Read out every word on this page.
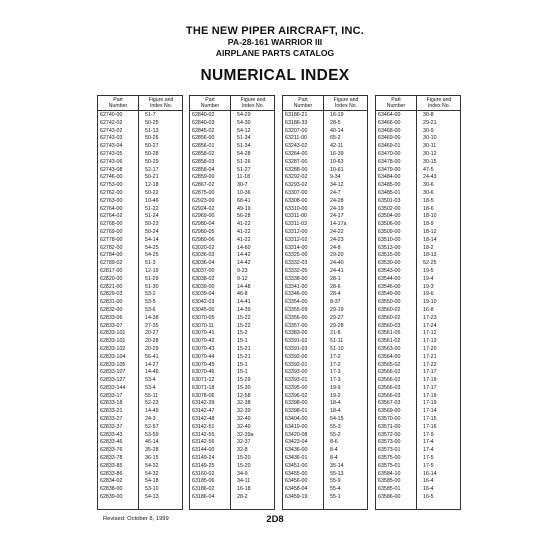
THE NEW PIPER AIRCRAFT, INC.
PA-28-161 WARRIOR III
AIRPLANE PARTS CATALOG
NUMERICAL INDEX
Part
Number
Figure and
Index No.
62740-00	51-7
62742-02	50-25
62743-02	51-13
62743-03	50-26
62743-04	50-27
62743-05	50-28
62743-06	50-29
62743-08	52-17
62746-00	50-21
62753-00	12-18
62762-00	50-22
62763-00	10-46
62764-00	51-22
62764-02	51-24
62768-00	50-23
62769-00	50-24
62778-00	54-14
62782-00	54-25
62784-00	54-25
62789-02	51-3
62817-00	12-19
62820-00	51-29
62821-00	51-30
62829-03	53-2
62831-00	53-5
62832-00	53-6
62833-06	14-38
62833-07	27-35
62833-101	20-27
62833-101	20-28
62833-102	20-29
62833-104	56-41
62833-105	14-27
62833-107	14-46
62833-127	53-4
62833-144	53-4
62833-17	55-11
62833-18	52-23
62833-21	14-49
62833-27	24-3
62833-37	52-57
62833-43	53-59
62833-46	46-14
62833-76	35-28
62833-78	36-15
62833-85	54-32
62833-86	54-32
62834-02	54-18
62838-00	53-10
62839-00	54-13
Part
Number
Figure and
Index No.
62840-02	54-29
62840-03	54-30
62845-02	54-12
62856-00	51-34
62856-01	51-34
62858-02	54-28
62858-03	51-26
62858-04	51-27
62859-00	11-18
62867-02	30-7
62875-00	10-36
62923-00	68-41
62924-02	49-19
62969-00	56-28
62980-04	41-22
62980-05	41-22
62980-06	41-22
63020-02	14-60
63036-03	14-42
63036-04	14-42
63037-00	9-23
63038-02	9-12
63039-00	14-48
63039-04	46-8
63042-03	14-41
63045-00	14-39
63070-05	15-22
63070-11	15-22
63070-41	15-2
63070-42	15-1
63070-43	15-21
63070-44	15-21
63070-45	15-1
63070-46	15-1
63071-12	15-29
63071-18	15-30
63078-06	12-58
63142-39	32-38
63142-47	32-39
63142-48	32-40
63142-51	32-40
63142-55	32-39a
63142-56	32-37
63144-00	32-8
63149-24	15-20
63149-25	15-20
63160-02	34-9
63185-06	34-11
63186-02	16-18
63186-04	28-2
Part
Number
Figure and
Index No.
63186-21	16-19
63186-33	28-5
63207-00	40-14
63211-00	65-2
63243-02	42-11
63264-00	16-39
63287-00	10-63
63288-00	10-61
63292-02	9-34
63293-02	34-12
63307-00	24-7
63308-00	24-28
63310-00	24-19
63311-00	24-17
63311-03	14-17a
63312-00	24-22
63312-02	24-23
63314-00	24-8
63325-00	29-20
63332-03	24-40
63332-05	24-41
63338-00	28-1
63341-00	28-6
63346-00	28-4
63354-00	8-37
63355-09	29-19
63356-00	29-27
63357-00	29-28
63383-00	21-8
63391-02	51-11
63391-03	51-10
63392-00	17-2
63392-01	17-2
63393-00	17-3
63393-01	17-3
63395-00	19-9
63396-02	19-2
63398-00	18-4
63398-01	18-4
63404-00	54-15
63419-00	55-3
63420-08	55-2
63423-04	8-6
63436-00	8-4
63436-01	8-4
63451-00	35-14
63455-00	55-13
63456-00	55-9
63458-04	55-4
63459-19	55-1
Part
Number
Figure and
Index No.
63464-00	30-8
63466-00	29-21
63468-00	30-9
63469-00	30-10
63469-01	30-11
63470-00	30-12
63478-00	30-15
63479-00	47-5
63484-00	24-43
63485-00	30-6
63485-01	30-6
63501-03	18-5
63502-00	18-6
63504-00	18-10
63506-00	18-9
63509-00	18-12
63510-00	18-14
63513-00	18-2
63515-00	18-13
63530-00	52-25
63543-00	19-5
63544-00	19-4
63546-00	19-3
63549-00	19-6
63550-00	19-10
63560-02	16-8
63560-02	17-23
63560-03	17-24
63561-05	17-12
63561-02	17-13
63563-00	17-20
63564-00	17-21
63565-02	17-22
63566-02	17-17
63566-02	17-18
63566-03	17-17
63566-03	17-18
63567-03	17-19
63569-00	17-14
63570-00	17-15
63571-00	17-16
63572-00	17-9
63573-00	17-4
63573-01	17-4
63575-00	17-5
63575-01	17-5
63584-10	16-14
63585-00	16-4
63585-01	16-4
63586-00	16-5
Revised: October 8, 1999	2D8
